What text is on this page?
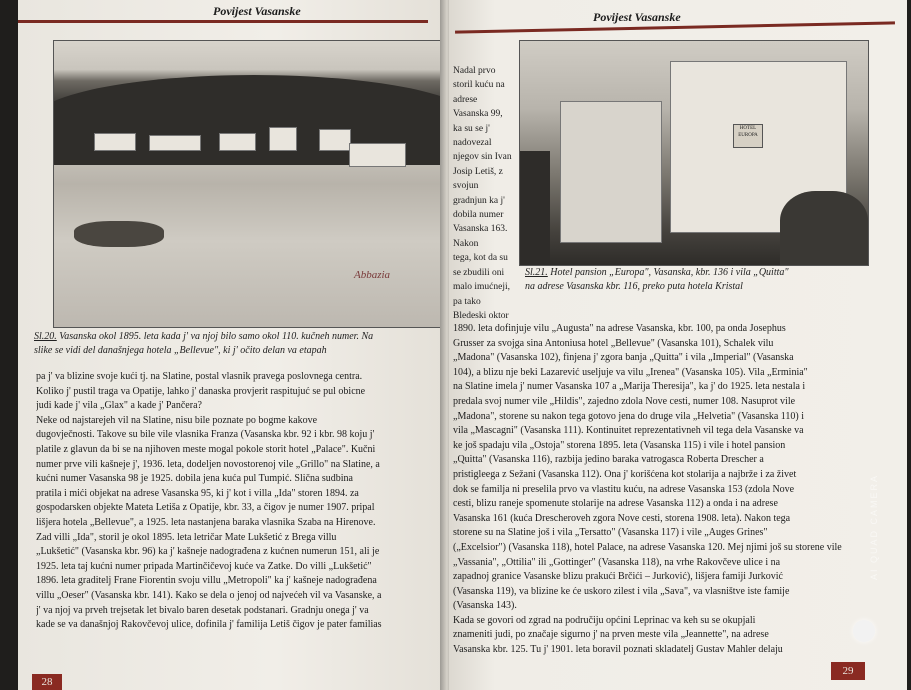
Povijest Vasanske
Abbazia
Sl.20. Vasanska okol 1895. leta kada j' va njoj bilo samo okol 110. kučneh numer. Na
slike se vidi del današnjega hotela „Bellevue", ki j' očito delan va etapah
pa j' va blizine svoje kući tj. na Slatine, postal vlasnik pravega poslovnega centra.
Koliko j' pustil traga va Opatije, lahko j' danaska provjerit raspitujuć se pul obicne
judi kade j' vila „Glax" a kade j' Pančera?
Neke od najstarejeh vil na Slatine, nisu bile poznate po bogme kakove
dugovječnosti. Takove su bile vile vlasnika Franza (Vasanska kbr. 92 i kbr. 98 koju j'
platile z glavun da bi se na njihoven meste mogal pokole storit hotel „Palace". Kučni
numer prve vili kašneje j', 1936. leta, dodeljen novostorenoj vile „Grillo" na Slatine, a
kućni numer Vasanska 98 je 1925. dobila jena kuća pul Tumpić. Slična sudbina
pratila i mići objekat na adrese Vasanska 95, ki j' kot i villa „Ida" storen 1894. za
gospodarsken objekte Mateta Letiša z Opatije, kbr. 33, a čigov je numer 1907. pripal
lišjera hotela „Bellevue", a 1925. leta nastanjena baraka vlasnika Szaba na Hirenove.
Zad villi „Ida", storil je okol 1895. leta letričar Mate Lukšetić z Brega villu
„Lukšetić" (Vasanska kbr. 96) ka j' kašneje nadograđena z kućnen numerun 151, ali je
1925. leta taj kućni numer pripada Martinčičevoj kuće va Zatke. Do villi „Lukšetić"
1896. leta graditelj Frane Fiorentin svoju villu „Metropoli" ka j' kašneje nadograđena
villu „Oeser" (Vasanska kbr. 141). Kako se dela o jenoj od najvećeh vil va Vasanske, a
j' va njoj va prveh trejsetak let bivalo baren desetak podstanari. Gradnju onega j' va
kade se va današnjoj Rakovčevoj ulice, dofinila j' familija Letiš čigov je pater familias
28
Povijest Vasanske
Nadal prvo
storil kuću na
adrese
Vasanska 99,
ka su se j'
nadovezal
njegov sin Ivan
Josip Letiš, z
svojun
gradnjun ka j'
dobila numer
Vasanska 163.
Nakon
tega, kot da su
se zbudili oni
malo imućneji,
pa tako
Bledeski oktor
HOTEL EUROPA
Sl.21. Hotel pansion „Europa", Vasanska, kbr. 136 i vila „Quitta"
na adrese Vasanska kbr. 116, preko puta hotela Kristal
1890. leta dofinjuje vilu „Augusta" na adrese Vasanska, kbr. 100, pa onda Josephus
Grusser za svojga sina Antoniusa hotel „Bellevue" (Vasanska 101), Schalek vilu
„Madona" (Vasanska 102), finjena j' zgora banja „Quitta" i vila „Imperial" (Vasanska
104), a blizu nje beki Lazarević useljuje va vilu „Irenea" (Vasanska 105). Vila „Erminia"
na Slatine imela j' numer Vasanska 107 a „Marija Theresija", ka j' do 1925. leta nestala i
predala svoj numer vile „Hildis", zajedno zdola Nove cesti, numer 108. Nasuprot vile
„Madona", storene su nakon tega gotovo jena do druge vila „Helvetia" (Vasanska 110) i
vila „Mascagni" (Vasanska 111). Kontinuitet reprezentativneh vil tega dela Vasanske va
ke još spadaju vila „Ostoja" storena 1895. leta (Vasanska 115) i vile i hotel pansion
„Quitta" (Vasanska 116), razbija jedino baraka vatrogasca Roberta Drescher a
pristigleega z Sežani (Vasanska 112). Ona j' korišćena kot stolarija a najbrže i za živet
dok se familja ni preselila prvo va vlastitu kuću, na adrese Vasanska 153 (zdola Nove
cesti, blizu raneje spomenute stolarije na adrese Vasanska 112) a onda i na adrese
Vasanska 161 (kuća Drescheroveh zgora Nove cesti, storena 1908. leta). Nakon tega
storene su na Slatine još i vila „Tersatto" (Vasanska 117) i vile „Auges Grines"
(„Excelsior") (Vasanska 118), hotel Palace, na adrese Vasanska 120. Mej njimi još su storene vile
„Vassania", „Ottilia" ili „Gottinger" (Vasanska 118), na vrhe Rakovčeve ulice i na
zapadnoj granice Vasanske blizu prakući Brčići – Jurković), lišjera famiji Jurković
(Vasanska 119), va blizine ke će uskoro zilest i vila „Sava", va vlasništve iste famije
(Vasanska 143).
Kada se govori od zgrad na područiju općini Leprinac va keh su se okupjali
znameniti judi, po značaje sigurno j' na prven meste vila „Jeannette", na adrese
Vasanska kbr. 125. Tu j' 1901. leta boravil poznati skladatelj Gustav Mahler delaju
29
AI QUAD CAMERA
